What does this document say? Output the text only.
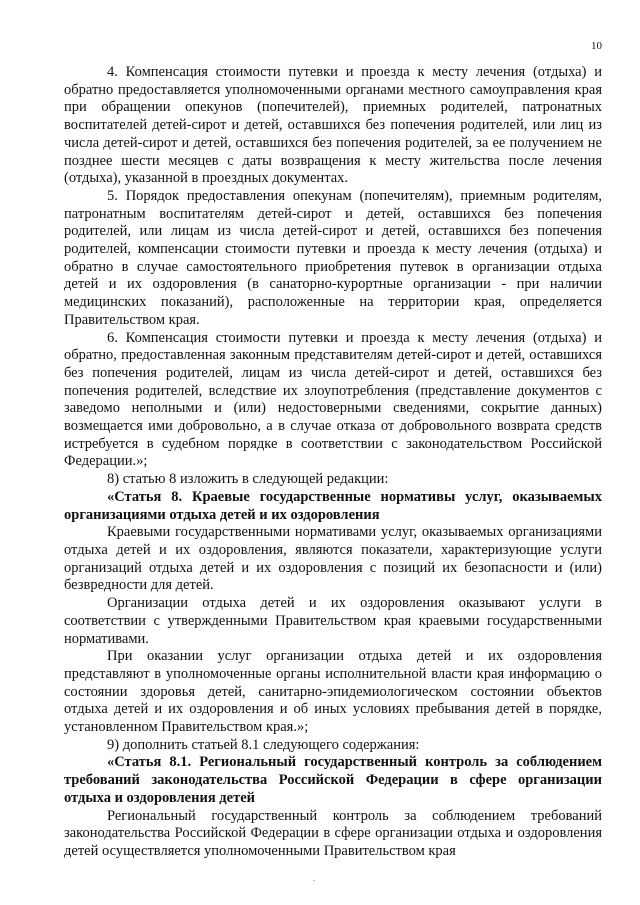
10

4. Компенсация стоимости путевки и проезда к месту лечения (отдыха) и обратно предоставляется уполномоченными органами местного самоуправления края при обращении опекунов (попечителей), приемных родителей, патронатных воспитателей детей-сирот и детей, оставшихся без попечения родителей, или лиц из числа детей-сирот и детей, оставшихся без попечения родителей, за ее получением не позднее шести месяцев с даты возвращения к месту жительства после лечения (отдыха), указанной в проездных документах.

5. Порядок предоставления опекунам (попечителям), приемным родителям, патронатным воспитателям детей-сирот и детей, оставшихся без попечения родителей, или лицам из числа детей-сирот и детей, оставшихся без попечения родителей, компенсации стоимости путевки и проезда к месту лечения (отдыха) и обратно в случае самостоятельного приобретения путевок в организации отдыха детей и их оздоровления (в санаторно-курортные организации - при наличии медицинских показаний), расположенные на территории края, определяется Правительством края.

6. Компенсация стоимости путевки и проезда к месту лечения (отдыха) и обратно, предоставленная законным представителям детей-сирот и детей, оставшихся без попечения родителей, лицам из числа детей-сирот и детей, оставшихся без попечения родителей, вследствие их злоупотребления (представление документов с заведомо неполными и (или) недостоверными сведениями, сокрытие данных) возмещается ими добровольно, а в случае отказа от добровольного возврата средств истребуется в судебном порядке в соответствии с законодательством Российской Федерации.»;

8) статью 8 изложить в следующей редакции:

«Статья 8. Краевые государственные нормативы услуг, оказываемых организациями отдыха детей и их оздоровления

Краевыми государственными нормативами услуг, оказываемых организациями отдыха детей и их оздоровления, являются показатели, характеризующие услуги организаций отдыха детей и их оздоровления с позиций их безопасности и (или) безвредности для детей.

Организации отдыха детей и их оздоровления оказывают услуги в соответствии с утвержденными Правительством края краевыми государственными нормативами.

При оказании услуг организации отдыха детей и их оздоровления представляют в уполномоченные органы исполнительной власти края информацию о состоянии здоровья детей, санитарно-эпидемиологическом состоянии объектов отдыха детей и их оздоровления и об иных условиях пребывания детей в порядке, установленном Правительством края.»;

9) дополнить статьей 8.1 следующего содержания:

«Статья 8.1. Региональный государственный контроль за соблюдением требований законодательства Российской Федерации в сфере организации отдыха и оздоровления детей

Региональный государственный контроль за соблюдением требований законодательства Российской Федерации в сфере организации отдыха и оздоровления детей осуществляется уполномоченными Правительством края
